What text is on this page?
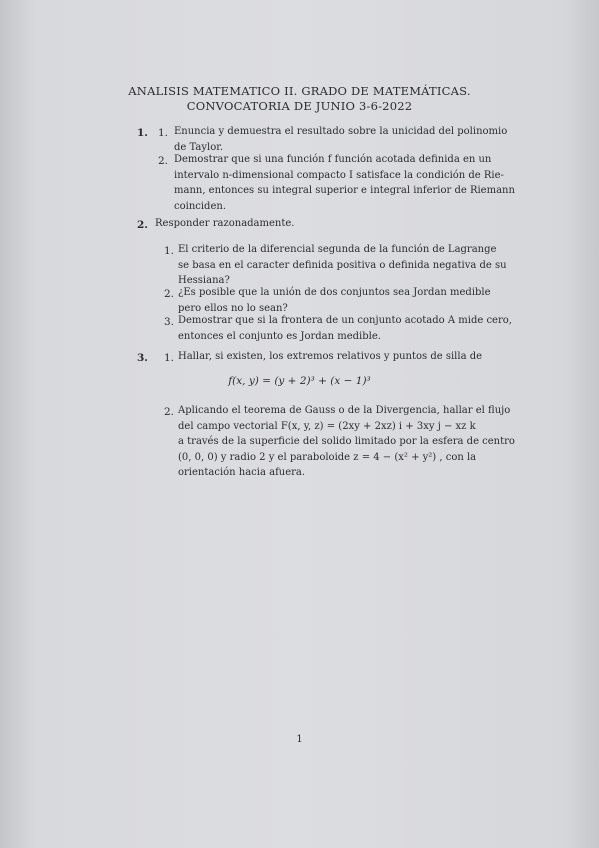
ANALISIS MATEMATICO II. GRADO DE MATEMÁTICAS.
CONVOCATORIA DE JUNIO 3-6-2022
1. 1. Enuncia y demuestra el resultado sobre la unicidad del polinomio
de Taylor.
2. Demostrar que si una función f función acotada definida en un
intervalo n-dimensional compacto I satisface la condición de Rie-
mann, entonces su integral superior e integral inferior de Riemann
coinciden.
2. Responder razonadamente.
1. El criterio de la diferencial segunda de la función de Lagrange
se basa en el caracter definida positiva o definida negativa de su
Hessiana?
2. ¿Es posible que la unión de dos conjuntos sea Jordan medible
pero ellos no lo sean?
3. Demostrar que si la frontera de un conjunto acotado A mide cero,
entonces el conjunto es Jordan medible.
3. 1. Hallar, si existen, los extremos relativos y puntos de silla de
f(x, y) = (y + 2)³ + (x − 1)³
2. Aplicando el teorema de Gauss o de la Divergencia, hallar el flujo
del campo vectorial F(x, y, z) = (2xy + 2xz) i + 3xy j − xz k
a través de la superficie del solido limitado por la esfera de centro
(0, 0, 0) y radio 2 y el paraboloide z = 4 − (x² + y²) , con la
orientación hacia afuera.
1
